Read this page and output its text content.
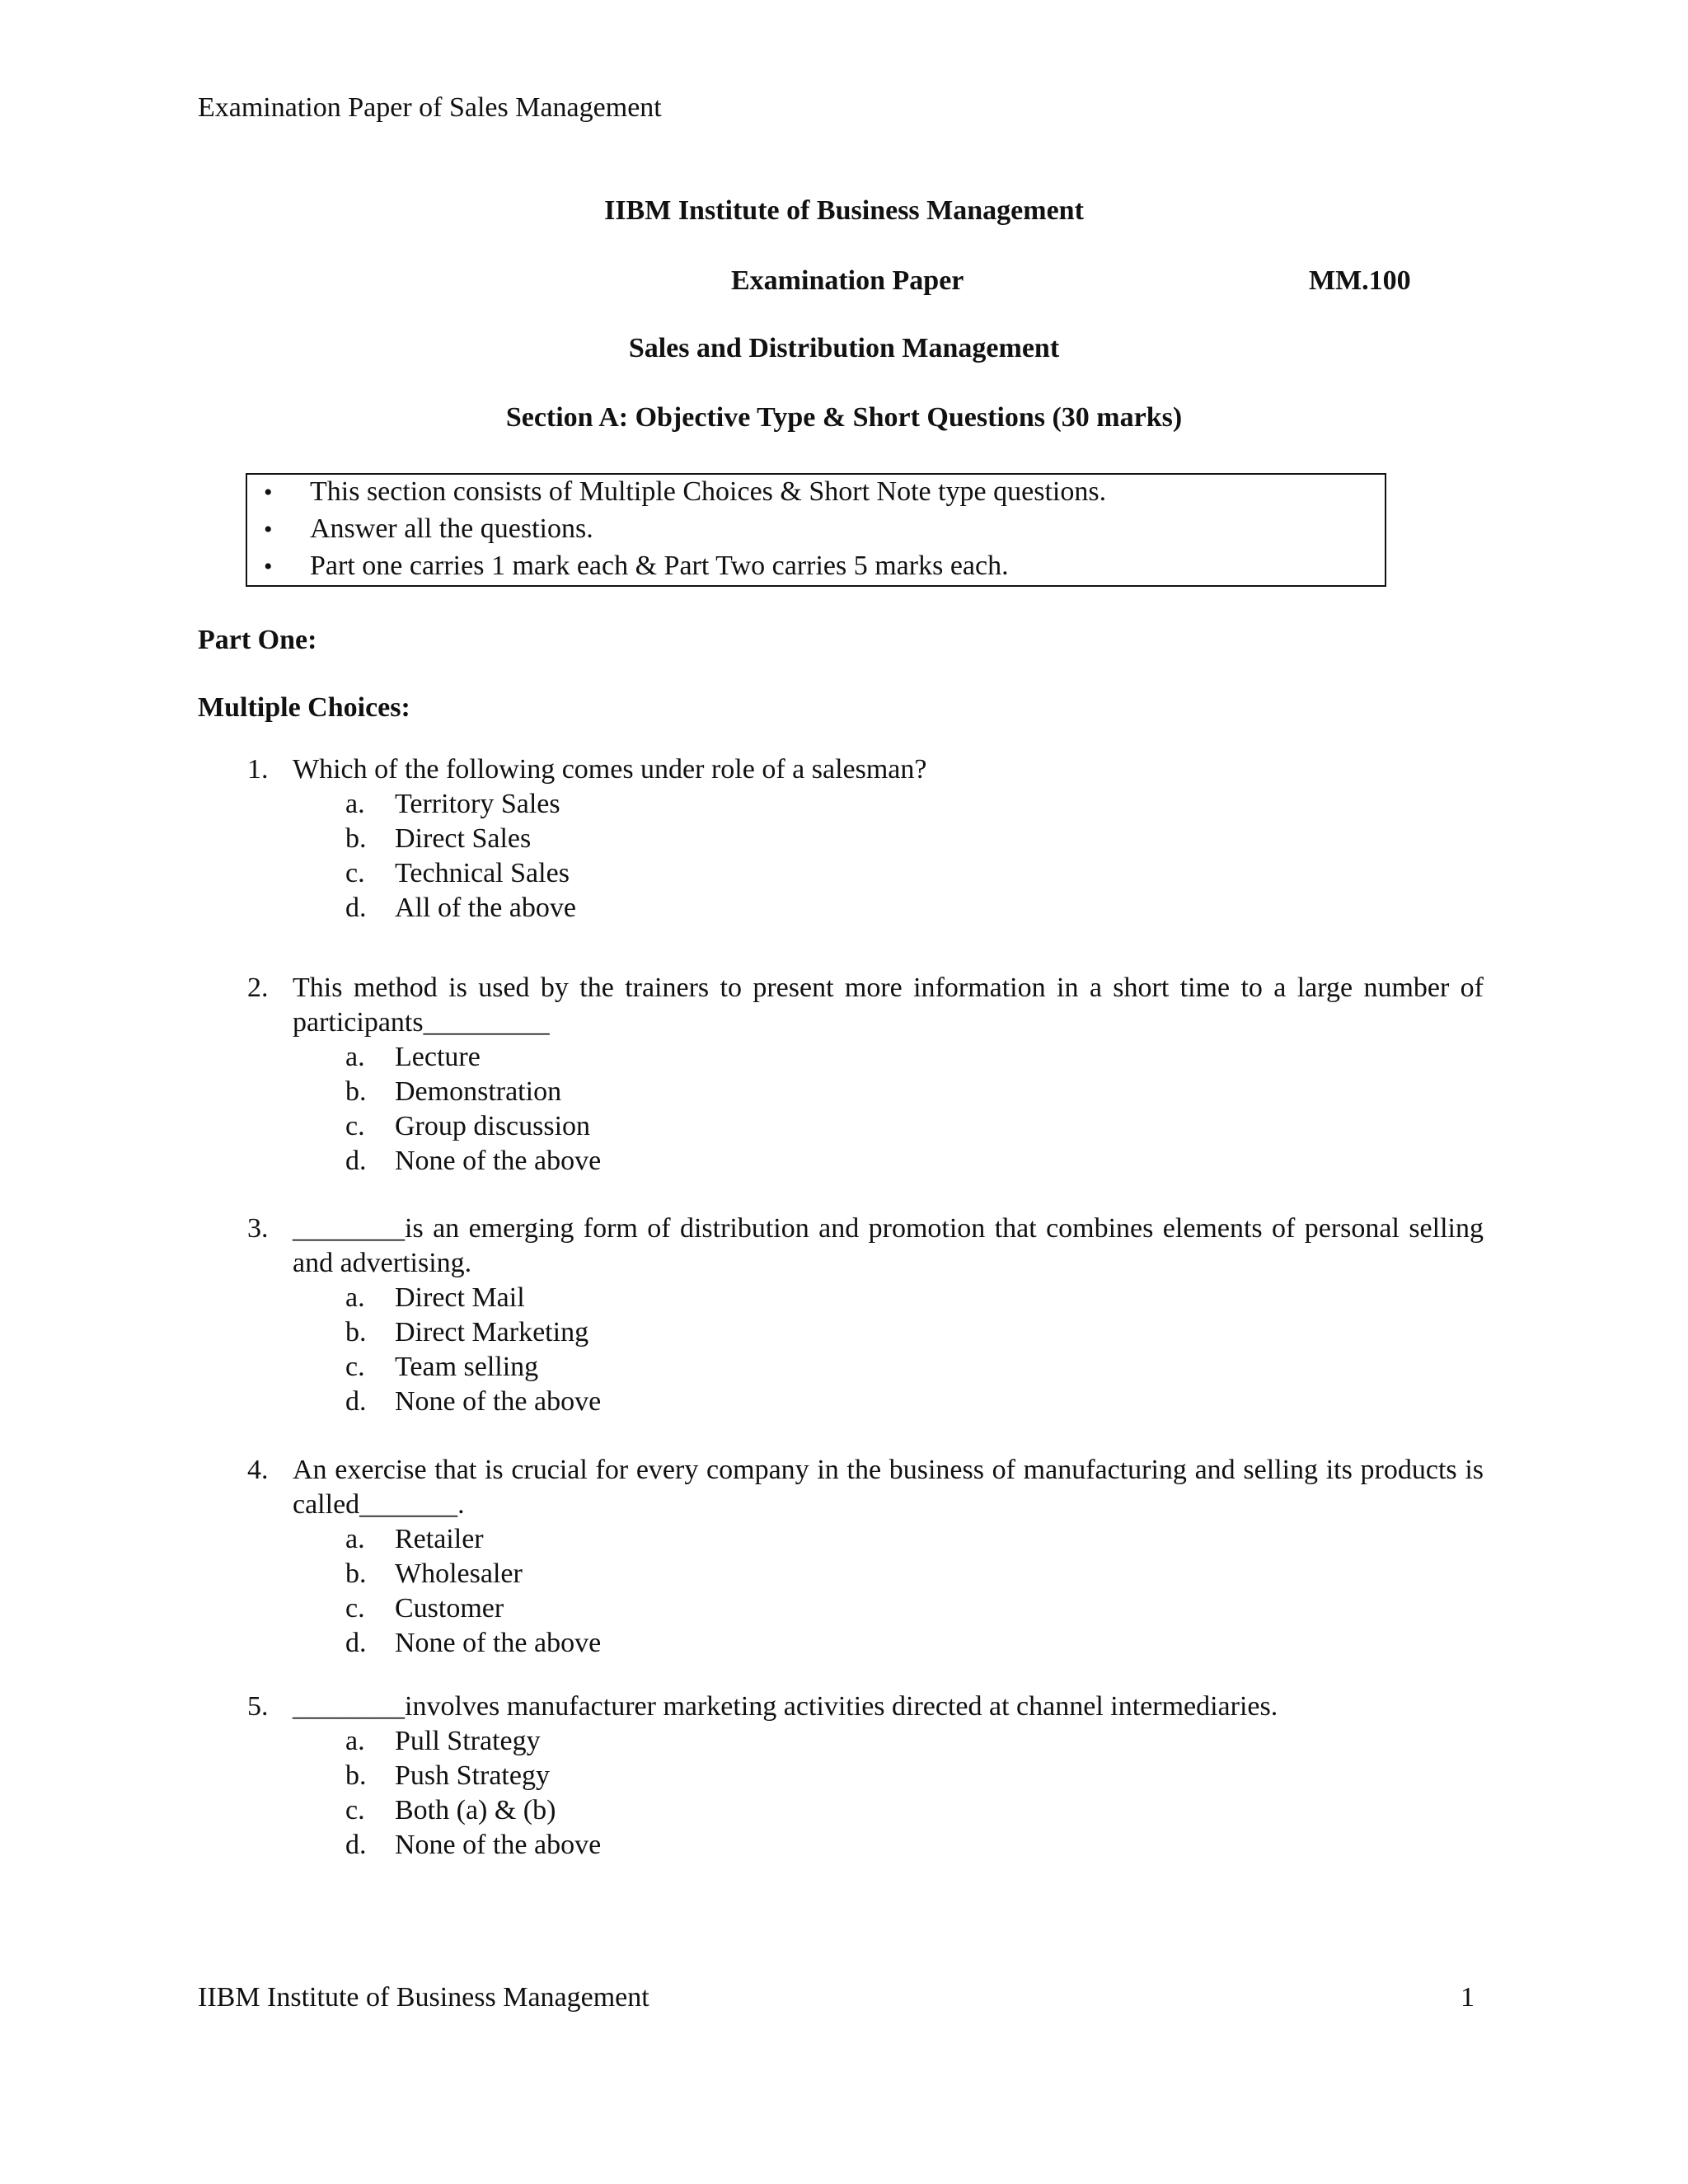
Examination Paper of Sales Management
IIBM Institute of Business Management
Examination Paper	MM.100
Sales and Distribution Management
Section A: Objective Type & Short Questions (30 marks)
• This section consists of Multiple Choices & Short Note type questions.
• Answer all the questions.
• Part one carries 1 mark each & Part Two carries 5 marks each.
Part One:
Multiple Choices:
1. Which of the following comes under role of a salesman?
a. Territory Sales
b. Direct Sales
c. Technical Sales
d. All of the above
2. This method is used by the trainers to present more information in a short time to a large number of participants_________
a. Lecture
b. Demonstration
c. Group discussion
d. None of the above
3. ________is an emerging form of distribution and promotion that combines elements of personal selling and advertising.
a. Direct Mail
b. Direct Marketing
c. Team selling
d. None of the above
4. An exercise that is crucial for every company in the business of manufacturing and selling its products is called_______.
a. Retailer
b. Wholesaler
c. Customer
d. None of the above
5. ________involves manufacturer marketing activities directed at channel intermediaries.
a. Pull Strategy
b. Push Strategy
c. Both (a) & (b)
d. None of the above
IIBM Institute of Business Management	1
